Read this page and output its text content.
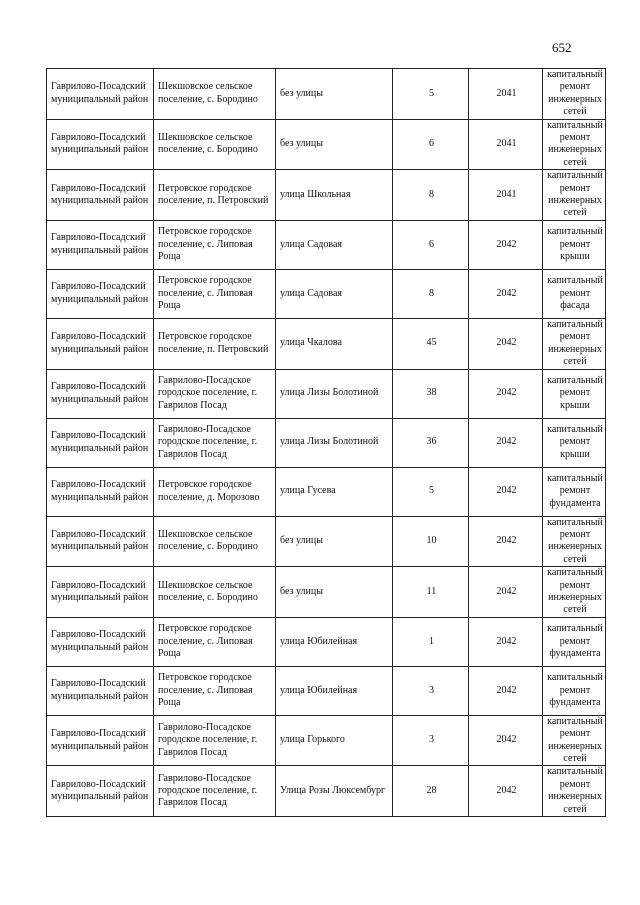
652
Гаврилово-Посадский муниципальный район	Шекшовское сельское поселение, с. Бородино	без улицы	5	2041	капитальный ремонт инженерных сетей
Гаврилово-Посадский муниципальный район	Шекшовское сельское поселение, с. Бородино	без улицы	6	2041	капитальный ремонт инженерных сетей
Гаврилово-Посадский муниципальный район	Петровское городское поселение, п. Петровский	улица Школьная	8	2041	капитальный ремонт инженерных сетей
Гаврилово-Посадский муниципальный район	Петровское городское поселение, с. Липовая Роща	улица Садовая	6	2042	капитальный ремонт крыши
Гаврилово-Посадский муниципальный район	Петровское городское поселение, с. Липовая Роща	улица Садовая	8	2042	капитальный ремонт фасада
Гаврилово-Посадский муниципальный район	Петровское городское поселение, п. Петровский	улица Чкалова	45	2042	капитальный ремонт инженерных сетей
Гаврилово-Посадский муниципальный район	Гаврилово-Посадское городское поселение, г. Гаврилов Посад	улица Лизы Болотиной	38	2042	капитальный ремонт крыши
Гаврилово-Посадский муниципальный район	Гаврилово-Посадское городское поселение, г. Гаврилов Посад	улица Лизы Болотиной	36	2042	капитальный ремонт крыши
Гаврилово-Посадский муниципальный район	Петровское городское поселение, д. Морозово	улица Гусева	5	2042	капитальный ремонт фундамента
Гаврилово-Посадский муниципальный район	Шекшовское сельское поселение, с. Бородино	без улицы	10	2042	капитальный ремонт инженерных сетей
Гаврилово-Посадский муниципальный район	Шекшовское сельское поселение, с. Бородино	без улицы	11	2042	капитальный ремонт инженерных сетей
Гаврилово-Посадский муниципальный район	Петровское городское поселение, с. Липовая Роща	улица Юбилейная	1	2042	капитальный ремонт фундамента
Гаврилово-Посадский муниципальный район	Петровское городское поселение, с. Липовая Роща	улица Юбилейная	3	2042	капитальный ремонт фундамента
Гаврилово-Посадский муниципальный район	Гаврилово-Посадское городское поселение, г. Гаврилов Посад	улица Горького	3	2042	капитальный ремонт инженерных сетей
Гаврилово-Посадский муниципальный район	Гаврилово-Посадское городское поселение, г. Гаврилов Посад	Улица Розы Люксембург	28	2042	капитальный ремонт инженерных сетей
